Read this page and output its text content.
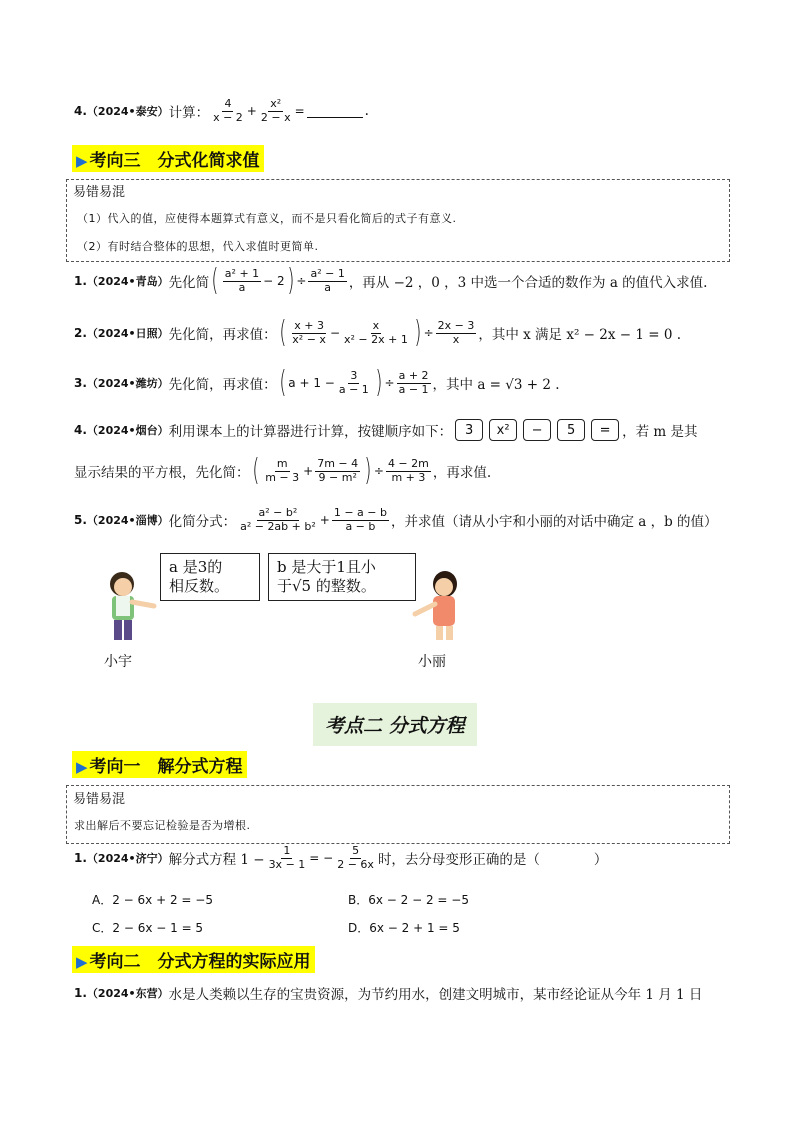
4. （2024•泰安） 计算： $\frac{4}{x - 2} + \frac{\text{x²}}{2 - x}$ =	.
▶ 考向三　分式化简求值
易错易混
（1）代入的值，应使得本题算式有意义，而不是只看化简后的式子有意义.
（2）有时结合整体的思想，代入求值时更简单.
1. （2024•青岛） 先化简 ( $\frac{\text{a² + 1}}{a} - 2$ ) ÷ $\frac{\text{a² − 1}}{a}$ ，再从 −2 ，0 ，3 中选一个合适的数作为 a 的值代入求值.
2. （2024•日照） 先化简，再求值： ( $\frac{x + 3}{\text{x² − x}} - \frac{x}{\text{x² − 2x + 1}}$ ) ÷ $\frac{2x - 3}{x}$ ，其中 x 满足 x² − 2x − 1 = 0 .
3. （2024•潍坊） 先化简，再求值： ( $a + 1 - \frac{3}{a - 1}$ ) ÷ $\frac{a + 2}{a - 1}$ ，其中 a = √3 + 2 .
4. （2024•烟台） 利用课本上的计算器进行计算，按键顺序如下： 3	x²	−	5	= ，若 m 是其
显示结果的平方根，先化简： ( $\frac{m}{m - 3} + \frac{7m - 4}{\text{9 − m²}}$ ) ÷ $\frac{4 - 2m}{m + 3}$ ，再求值.
5. （2024•淄博） 化简分式： $\frac{\text{a² − b²}}{\text{a² − 2ab + b²}} + \frac{1 - a - b}{a - b}$ ，并求值（请从小宇和小丽的对话中确定 a ，b 的值）
a 是3的
相反数。
b 是大于1且小
于√5 的整数。
小宇	小丽
考点二 分式方程
▶ 考向一　解分式方程
易错易混
求出解后不要忘记检验是否为增根.
1. （2024•济宁） 解分式方程 $1 - \frac{1}{3x - 1}$ = − $\frac{5}{2 - 6x}$ 时，去分母变形正确的是（　　　　）
A．2 − 6x + 2 = −5	B．6x − 2 − 2 = −5
C．2 − 6x − 1 = 5	D．6x − 2 + 1 = 5
▶ 考向二　分式方程的实际应用
1. （2024•东营） 水是人类赖以生存的宝贵资源，为节约用水，创建文明城市，某市经论证从今年 1 月 1 日
